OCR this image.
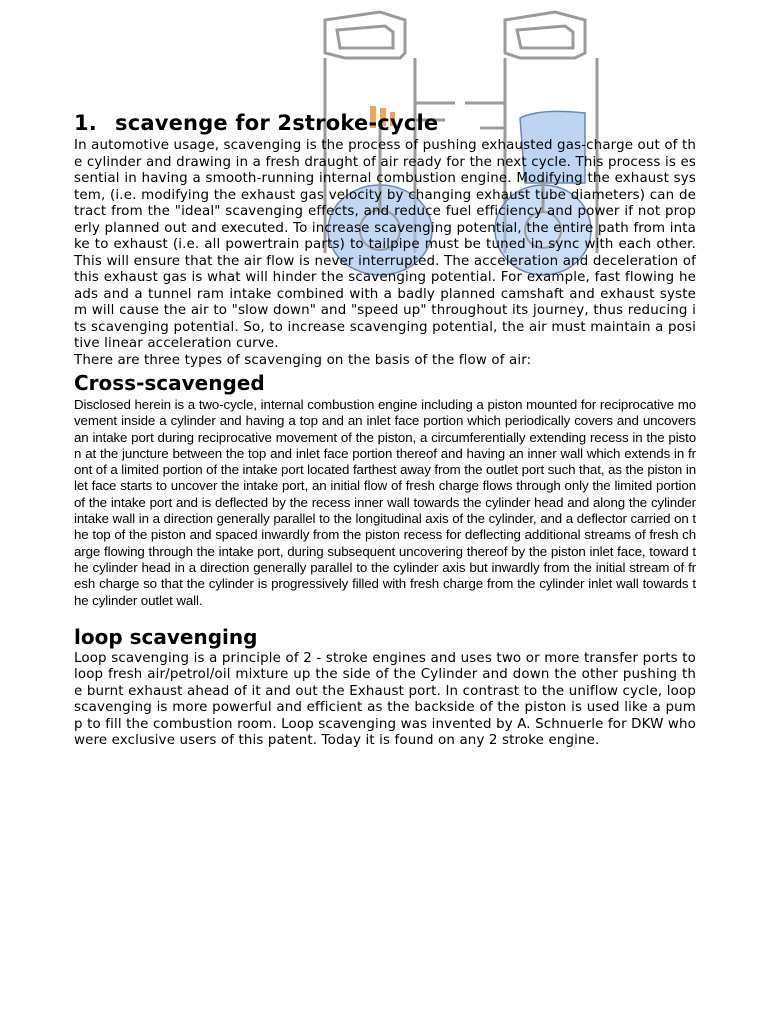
1. scavenge for 2stroke-cycle

In automotive usage, scavenging is the process of pushing exhausted gas-charge out of the cylinder and drawing in a fresh draught of air ready for the next cycle. This process is essential in having a smooth-running internal combustion engine. Modifying the exhaust system, (i.e. modifying the exhaust gas velocity by changing exhaust tube diameters) can detract from the "ideal" scavenging effects, and reduce fuel efficiency and power if not properly planned out and executed. To increase scavenging potential, the entire path from intake to exhaust (i.e. all powertrain parts) to tailpipe must be tuned in sync with each other. This will ensure that the air flow is never interrupted. The acceleration and deceleration of this exhaust gas is what will hinder the scavenging potential. For example, fast flowing heads and a tunnel ram intake combined with a badly planned camshaft and exhaust system will cause the air to "slow down" and "speed up" throughout its journey, thus reducing its scavenging potential. So, to increase scavenging potential, the air must maintain a positive linear acceleration curve.

There are three types of scavenging on the basis of the flow of air:

Cross-scavenged

Disclosed herein is a two-cycle, internal combustion engine including a piston mounted for reciprocative movement inside a cylinder and having a top and an inlet face portion which periodically covers and uncovers an intake port during reciprocative movement of the piston, a circumferentially extending recess in the piston at the juncture between the top and inlet face portion thereof and having an inner wall which extends in front of a limited portion of the intake port located farthest away from the outlet port such that, as the piston inlet face starts to uncover the intake port, an initial flow of fresh charge flows through only the limited portion of the intake port and is deflected by the recess inner wall towards the cylinder head and along the cylinder intake wall in a direction generally parallel to the longitudinal axis of the cylinder, and a deflector carried on the top of the piston and spaced inwardly from the piston recess for deflecting additional streams of fresh charge flowing through the intake port, during subsequent uncovering thereof by the piston inlet face, toward the cylinder head in a direction generally parallel to the cylinder axis but inwardly from the initial stream of fresh charge so that the cylinder is progressively filled with fresh charge from the cylinder inlet wall towards the cylinder outlet wall.

loop scavenging

Loop scavenging is a principle of 2 - stroke engines and uses two or more transfer ports to loop fresh air/petrol/oil mixture up the side of the Cylinder and down the other pushing the burnt exhaust ahead of it and out the Exhaust port. In contrast to the uniflow cycle, loop scavenging is more powerful and efficient as the backside of the piston is used like a pump to fill the combustion room. Loop scavenging was invented by A. Schnuerle for DKW who were exclusive users of this patent. Today it is found on any 2 stroke engine.
